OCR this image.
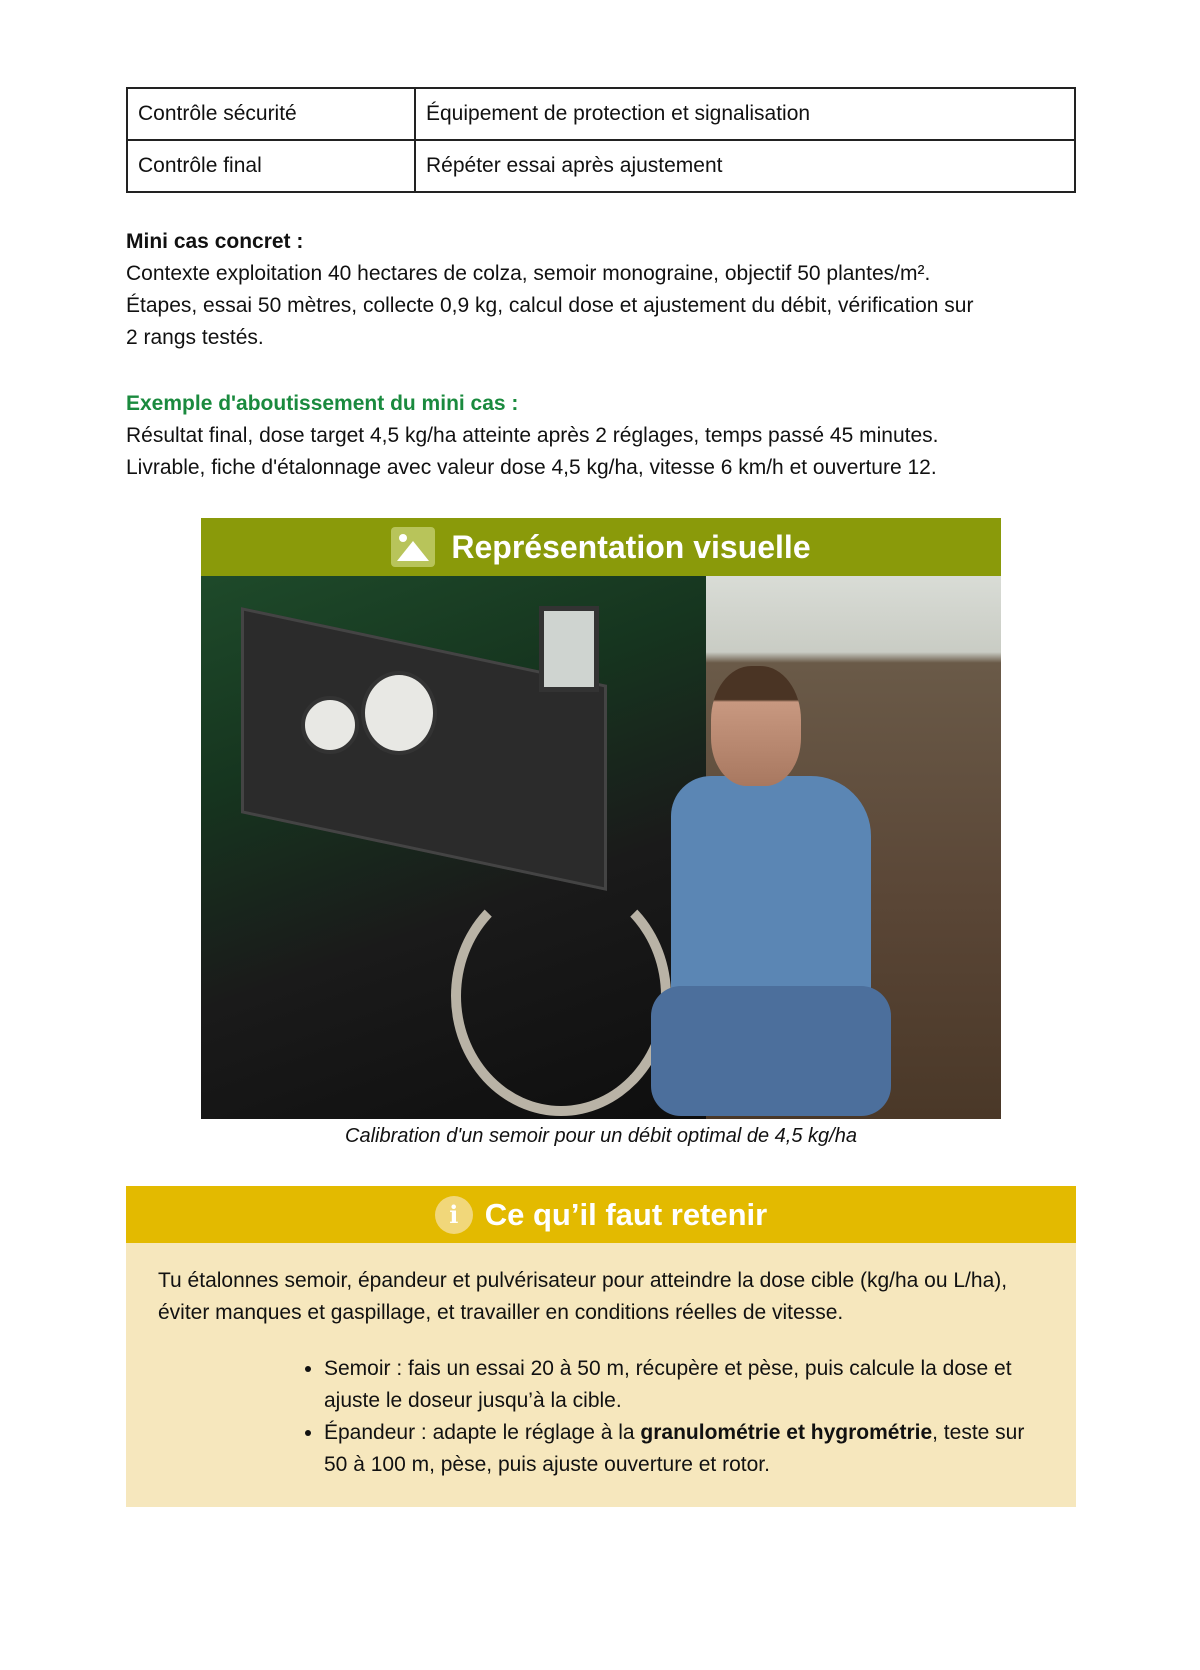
Contrôle sécurité	Équipement de protection et signalisation
Contrôle final	Répéter essai après ajustement
Mini cas concret :
Contexte exploitation 40 hectares de colza, semoir monograine, objectif 50 plantes/m².
Étapes, essai 50 mètres, collecte 0,9 kg, calcul dose et ajustement du débit, vérification sur
2 rangs testés.
Exemple d'aboutissement du mini cas :
Résultat final, dose target 4,5 kg/ha atteinte après 2 réglages, temps passé 45 minutes.
Livrable, fiche d'étalonnage avec valeur dose 4,5 kg/ha, vitesse 6 km/h et ouverture 12.
Représentation visuelle
Calibration d'un semoir pour un débit optimal de 4,5 kg/ha
i Ce qu’il faut retenir
Tu étalonnes semoir, épandeur et pulvérisateur pour atteindre la dose cible (kg/ha ou L/ha), éviter manques et gaspillage, et travailler en conditions réelles de vitesse.
• Semoir : fais un essai 20 à 50 m, récupère et pèse, puis calcule la dose et ajuste le doseur jusqu’à la cible.
• Épandeur : adapte le réglage à la granulométrie et hygrométrie, teste sur 50 à 100 m, pèse, puis ajuste ouverture et rotor.
